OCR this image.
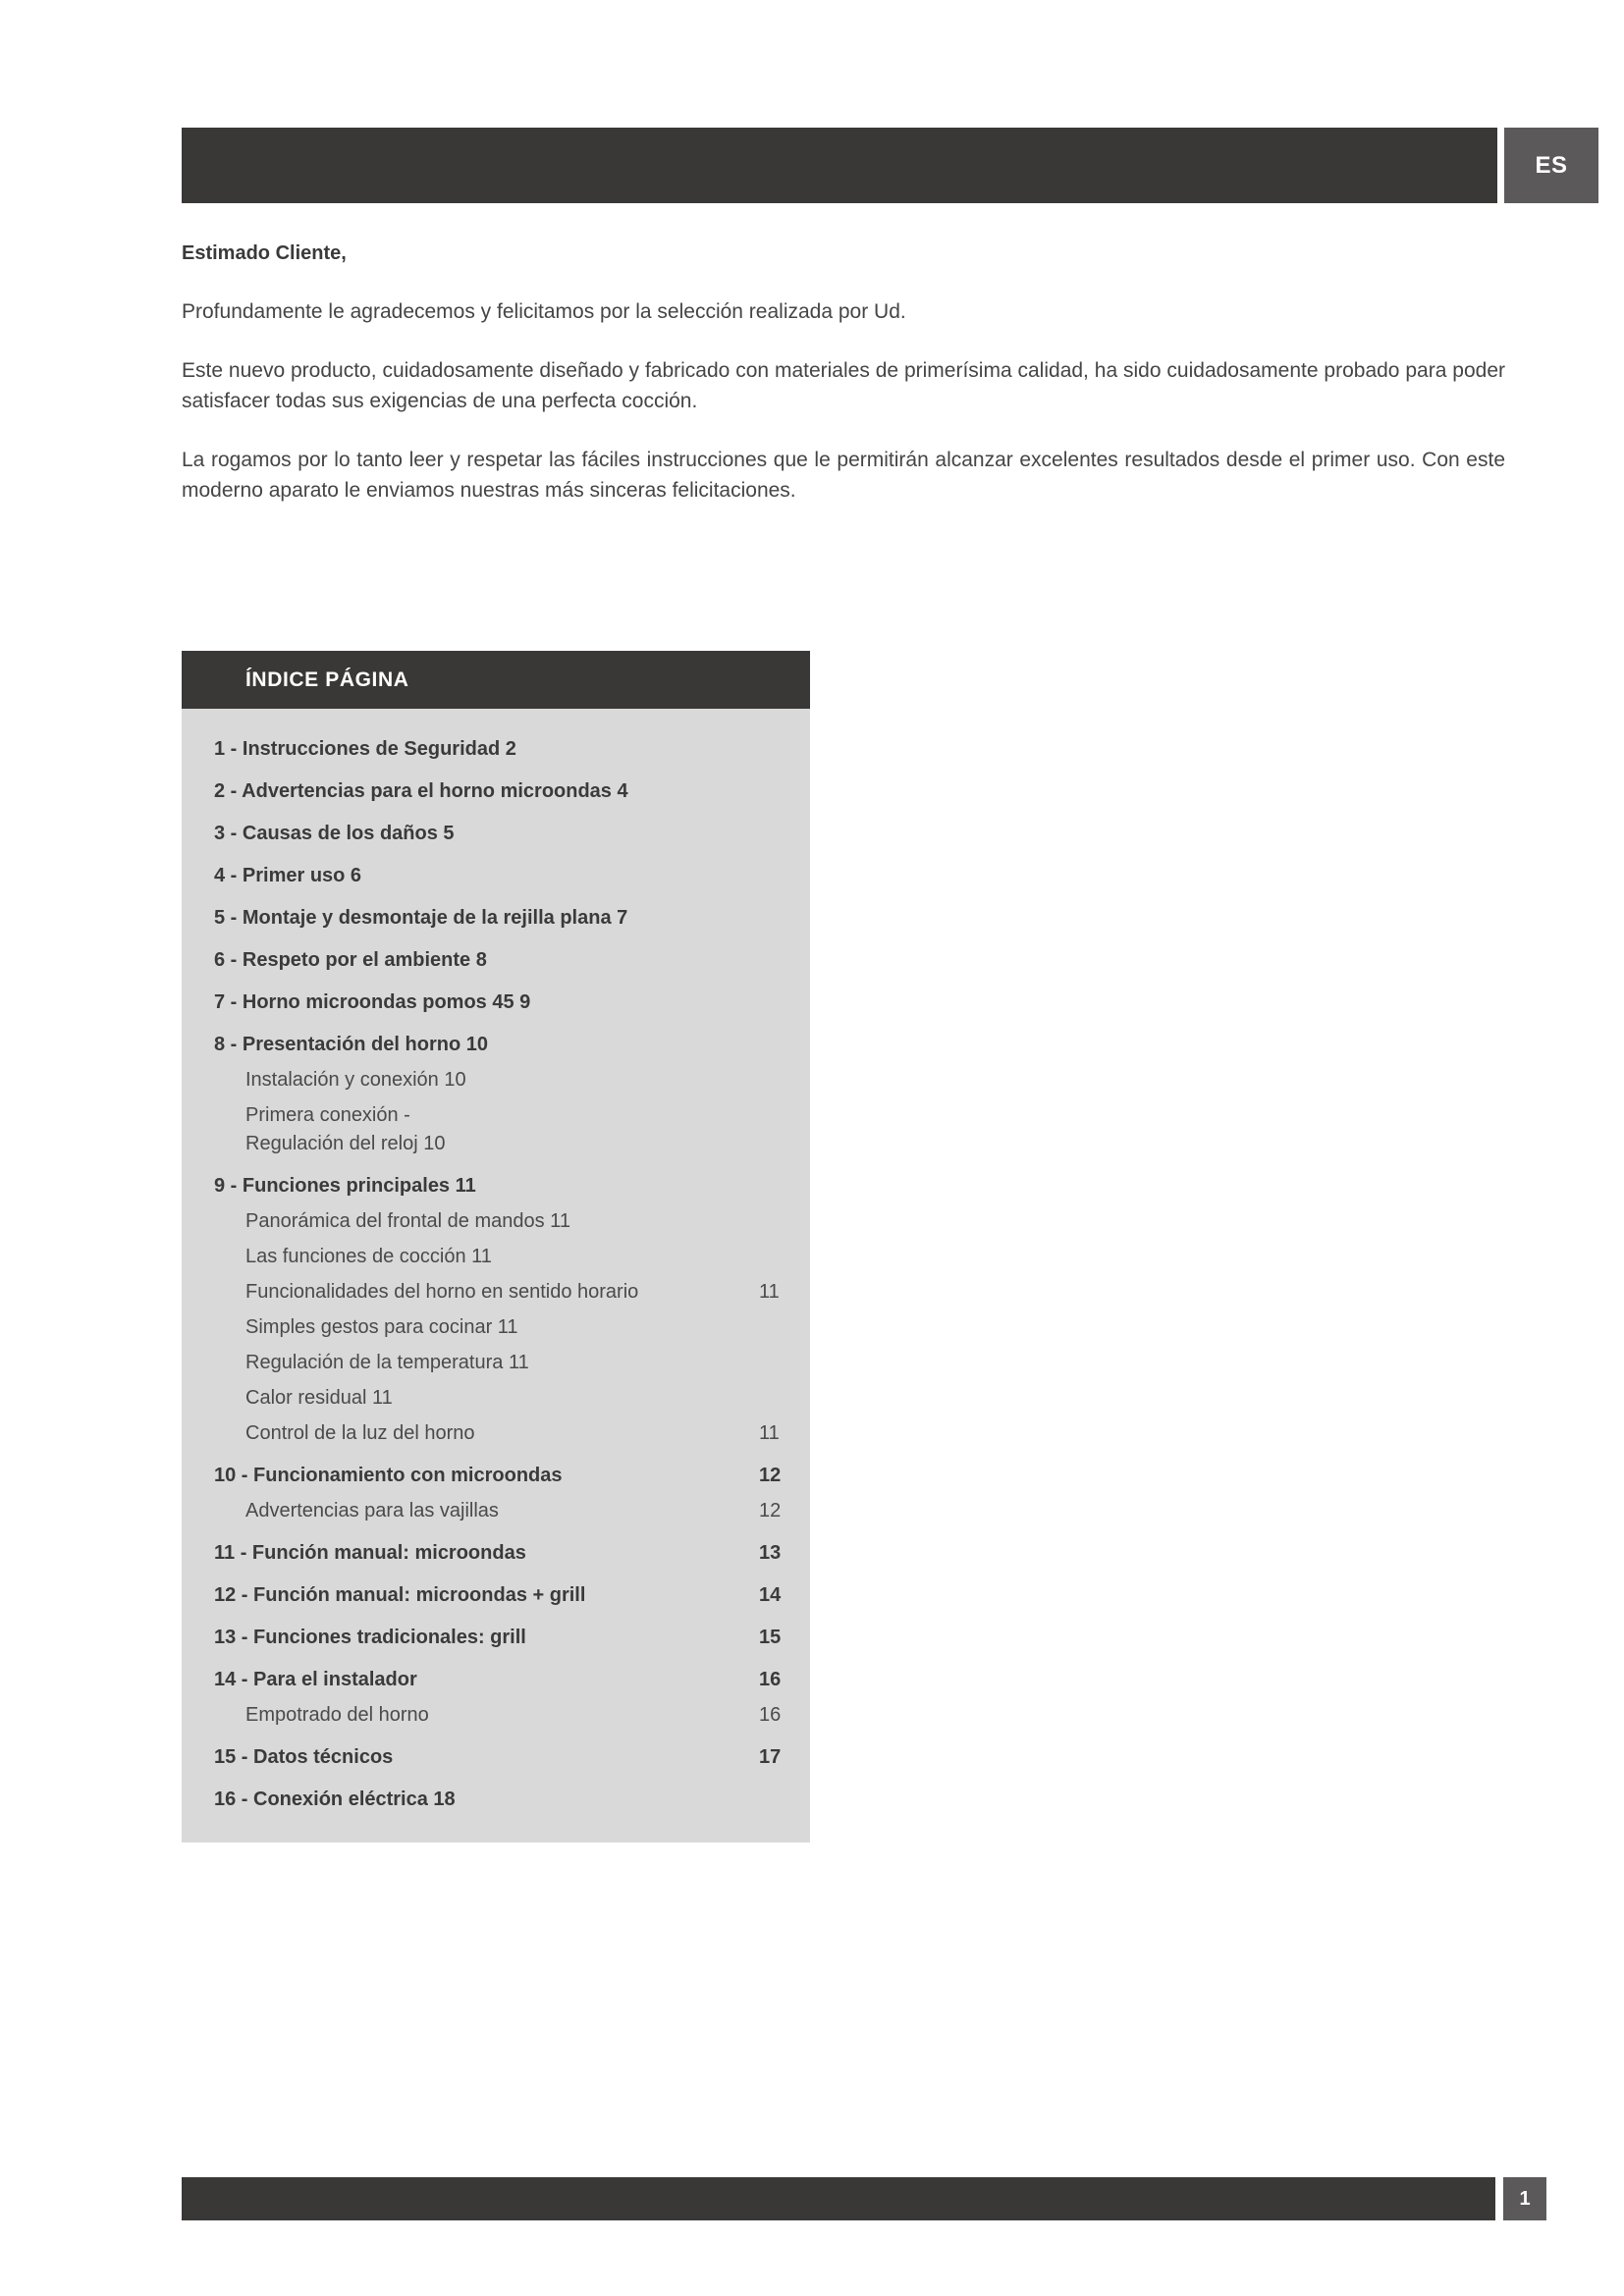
ES
Estimado Cliente,

Profundamente le agradecemos y felicitamos por la selección realizada por Ud.

Este nuevo producto, cuidadosamente diseñado y fabricado con materiales de primerísima calidad, ha sido cuidadosamente probado para poder satisfacer todas sus exigencias de una perfecta cocción.

La rogamos por lo tanto leer y respetar las fáciles instrucciones que le permitirán alcanzar excelentes resultados desde el primer uso. Con este moderno aparato le enviamos nuestras más sinceras felicitaciones.

ÍNDICE PÁGINA
1 - Instrucciones de Seguridad 2
2 - Advertencias para el horno microondas 4
3 - Causas de los daños 5
4 - Primer uso 6
5 - Montaje y desmontaje de la rejilla plana 7
6 - Respeto por el ambiente 8
7 - Horno microondas pomos 45 9
8 - Presentación del horno 10
Instalación y conexión 10
Primera conexión -
Regulación del reloj 10
9 - Funciones principales 11
Panorámica del frontal de mandos 11
Las funciones de cocción 11
Funcionalidades del horno en sentido horario	11
Simples gestos para cocinar 11
Regulación de la temperatura 11
Calor residual 11
Control de la luz del horno	11
10 - Funcionamiento con microondas	12
Advertencias para las vajillas	12
11 - Función manual: microondas	13
12 - Función manual: microondas + grill	14
13 - Funciones tradicionales: grill	15
14 - Para el instalador	16
Empotrado del horno	16
15 - Datos técnicos	17
16 - Conexión eléctrica 18
1
